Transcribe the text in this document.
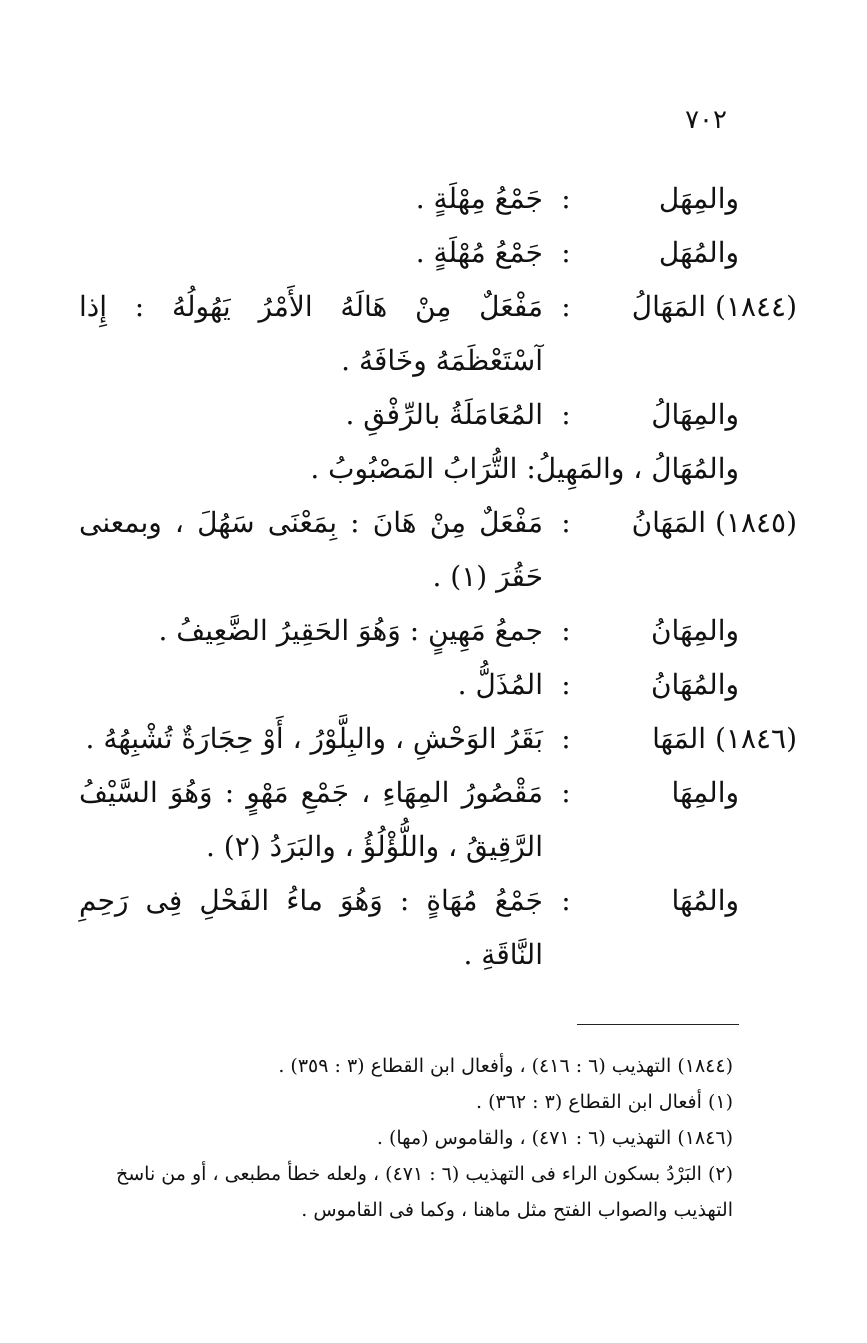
٧٠٢
والمِهَل
:
جَمْعُ مِهْلَةٍ .
والمُهَل
:
جَمْعُ مُهْلَةٍ .
(١٨٤٤) المَهَالُ
:
مَفْعَلٌ مِنْ هَالَهُ الأَمْرُ يَهُولُهُ : إِذا آسْتَعْظَمَهُ وخَافَهُ .
والمِهَالُ
:
المُعَامَلَةُ بالرِّفْقِ .
والمُهَالُ ، والمَهِيلُ: التُّرَابُ المَصْبُوبُ .
(١٨٤٥) المَهَانُ
:
مَفْعَلٌ مِنْ هَانَ : بِمَعْنَى سَهُلَ ، وبمعنى حَقُرَ (١) .
والمِهَانُ
:
جمعُ مَهِينٍ : وَهُوَ الحَقِيرُ الضَّعِيفُ .
والمُهَانُ
:
المُذَلُّ .
(١٨٤٦) المَهَا
:
بَقَرُ الوَحْشِ ، والبِلَّوْرُ ، أَوْ حِجَارَةٌ تُشْبِهُهُ .
والمِهَا
:
مَقْصُورُ المِهَاءِ ، جَمْعِ مَهْوٍ : وَهُوَ السَّيْفُ الرَّقِيقُ ، واللُّؤْلُؤُ ، والبَرَدُ (٢) .
والمُهَا
:
جَمْعُ مُهَاةٍ : وَهُوَ ماءُ الفَحْلِ فِى رَحِمِ النَّاقَةِ .
(١٨٤٤) التهذيب (٦ : ٤١٦) ، وأفعال ابن القطاع (٣ : ٣٥٩) .
(١) أفعال ابن القطاع (٣ : ٣٦٢) .
(١٨٤٦) التهذيب (٦ : ٤٧١) ، والقاموس (مها) .
(٢) البَرْدُ بسكون الراء فى التهذيب (٦ : ٤٧١) ، ولعله خطأ مطبعى ، أو من ناسخ التهذيب والصواب الفتح مثل ماهنا ، وكما فى القاموس .
